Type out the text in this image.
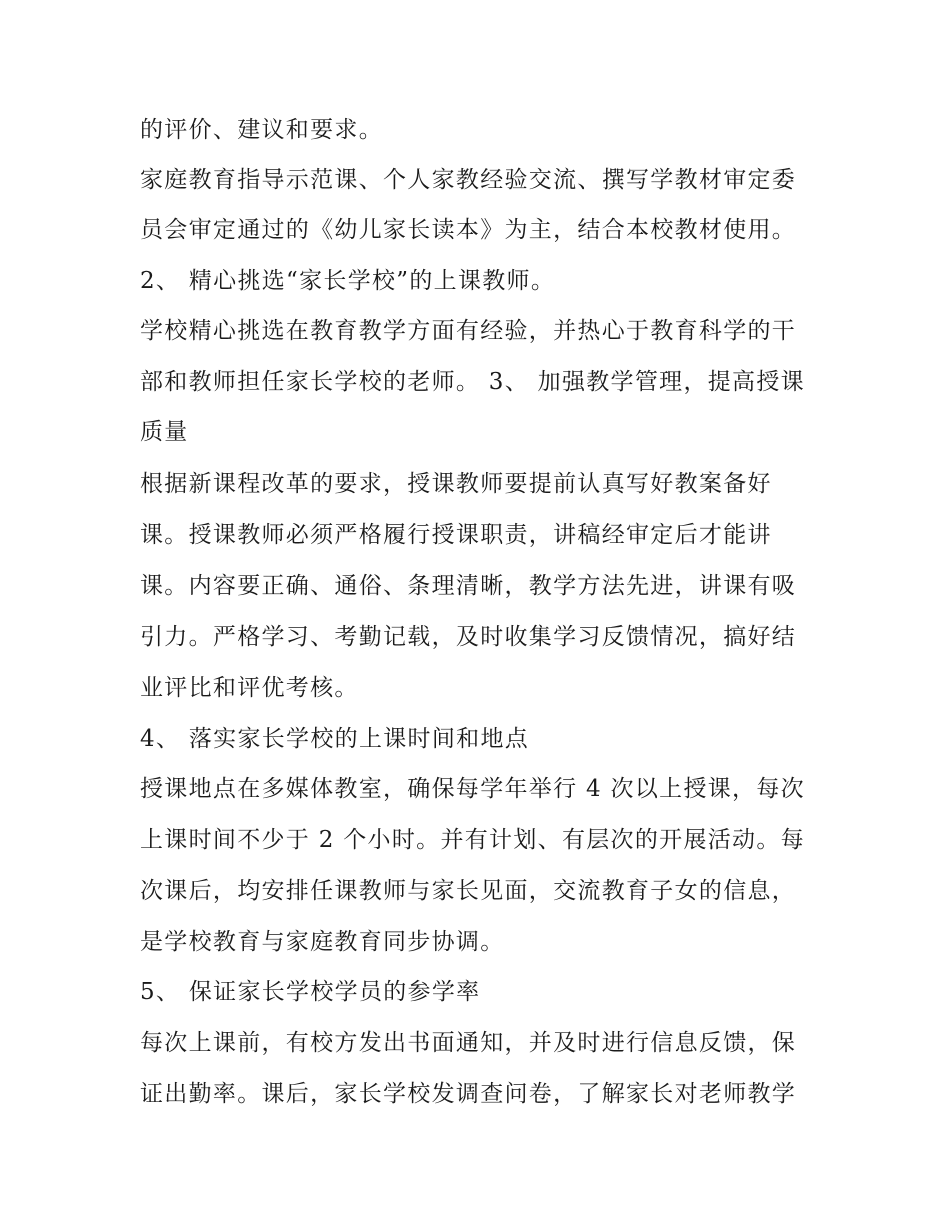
的评价、建议和要求。

家庭教育指导示范课、个人家教经验交流、撰写学教材审定委

员会审定通过的《幼儿家长读本》为主，结合本校教材使用。

2、 精心挑选“家长学校”的上课教师。

学校精心挑选在教育教学方面有经验，并热心于教育科学的干

部和教师担任家长学校的老师。 3、 加强教学管理，提高授课

质量

根据新课程改革的要求，授课教师要提前认真写好教案备好

课。授课教师必须严格履行授课职责，讲稿经审定后才能讲

课。内容要正确、通俗、条理清晰，教学方法先进，讲课有吸

引力。严格学习、考勤记载，及时收集学习反馈情况，搞好结

业评比和评优考核。

4、 落实家长学校的上课时间和地点

授课地点在多媒体教室，确保每学年举行 4 次以上授课，每次

上课时间不少于 2 个小时。并有计划、有层次的开展活动。每

次课后，均安排任课教师与家长见面，交流教育子女的信息，

是学校教育与家庭教育同步协调。

5、 保证家长学校学员的参学率

每次上课前，有校方发出书面通知，并及时进行信息反馈，保

证出勤率。课后，家长学校发调查问卷，了解家长对老师教学
